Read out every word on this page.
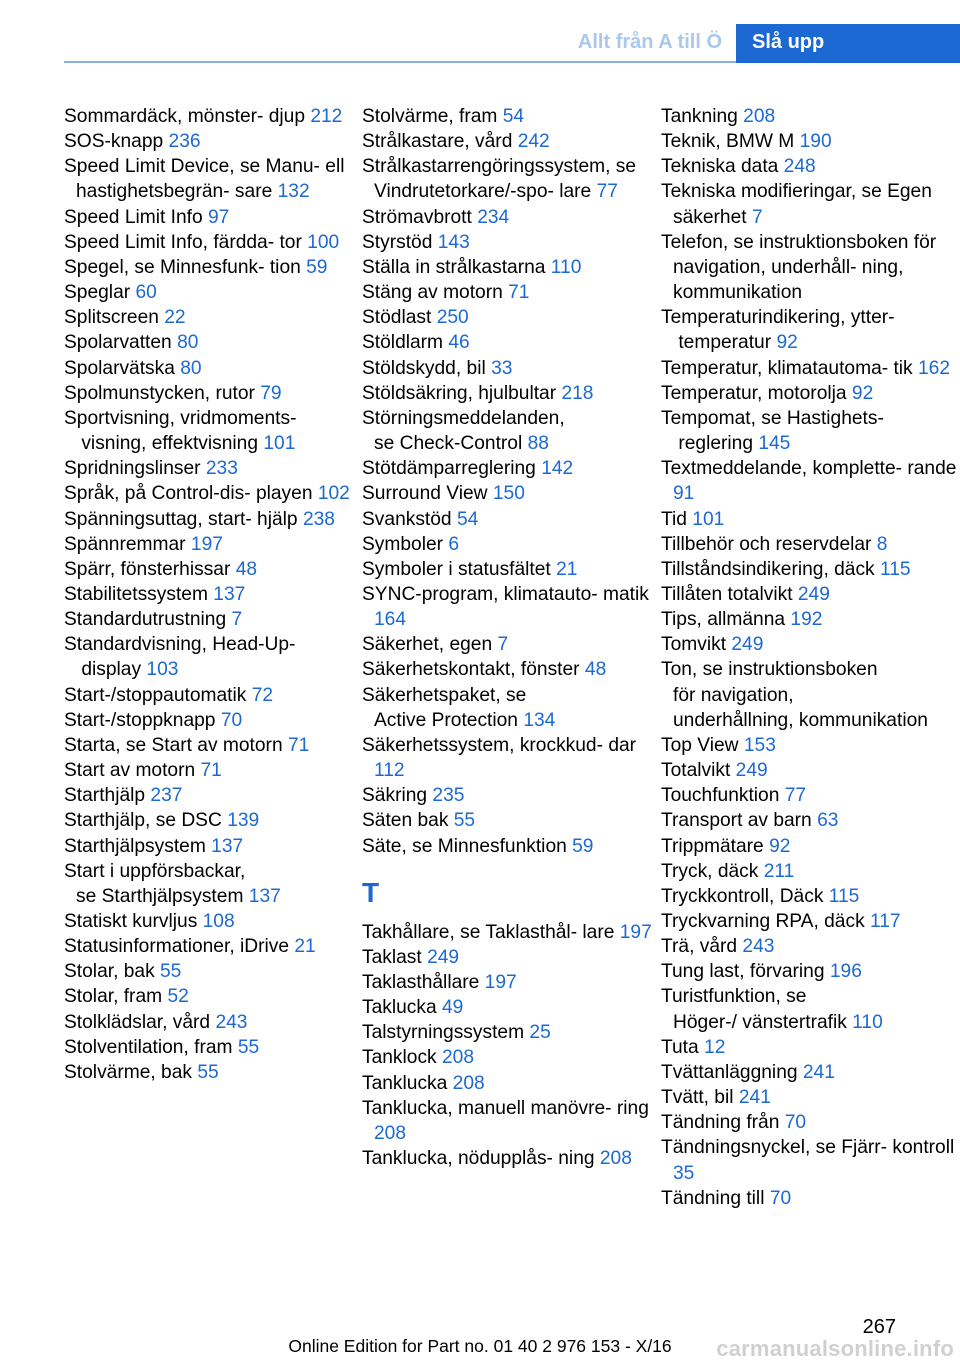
Allt från A till Ö	Slå upp
Sommardäck, mönster- djup 212
SOS-knapp 236
Speed Limit Device, se Manu- ell hastighetsbegrän- sare 132
Speed Limit Info 97
Speed Limit Info, färdda- tor 100
Spegel, se Minnesfunk- tion 59
Speglar 60
Splitscreen 22
Spolarvatten 80
Spolarvätska 80
Spolmunstycken, rutor 79
Sportvisning, vridmoments- visning, effektvisning 101
Spridningslinser 233
Språk, på Control-dis- playen 102
Spänningsuttag, start- hjälp 238
Spännremmar 197
Spärr, fönsterhissar 48
Stabilitetssystem 137
Standardutrustning 7
Standardvisning, Head-Up- display 103
Start-/stoppautomatik 72
Start-/stoppknapp 70
Starta, se Start av motorn 71
Start av motorn 71
Starthjälp 237
Starthjälp, se DSC 139
Starthjälpsystem 137
Start i uppförsbackar, se Starthjälpsystem 137
Statiskt kurvljus 108
Statusinformationer, iDrive 21
Stolar, bak 55
Stolar, fram 52
Stolklädslar, vård 243
Stolventilation, fram 55
Stolvärme, bak 55
Stolvärme, fram 54
Strålkastare, vård 242
Strålkastarrengöringssystem, se Vindrutetorkare/-spo- lare 77
Strömavbrott 234
Styrstöd 143
Ställa in strålkastarna 110
Stäng av motorn 71
Stödlast 250
Stöldlarm 46
Stöldskydd, bil 33
Stöldsäkring, hjulbultar 218
Störningsmeddelanden, se Check-Control 88
Stötdämparreglering 142
Surround View 150
Svankstöd 54
Symboler 6
Symboler i statusfältet 21
SYNC-program, klimatauto- matik 164
Säkerhet, egen 7
Säkerhetskontakt, fönster 48
Säkerhetspaket, se Active Protection 134
Säkerhetssystem, krockkud- dar 112
Säkring 235
Säten bak 55
Säte, se Minnesfunktion 59
T
Takhållare, se Taklasthål- lare 197
Taklast 249
Taklasthållare 197
Taklucka 49
Talstyrningssystem 25
Tanklock 208
Tanklucka 208
Tanklucka, manuell manövre- ring 208
Tanklucka, nödupplås- ning 208
Tankning 208
Teknik, BMW M 190
Tekniska data 248
Tekniska modifieringar, se Egen säkerhet 7
Telefon, se instruktionsboken för navigation, underhåll- ning, kommunikation
Temperaturindikering, ytter- temperatur 92
Temperatur, klimatautoma- tik 162
Temperatur, motorolja 92
Tempomat, se Hastighets- reglering 145
Textmeddelande, komplette- rande 91
Tid 101
Tillbehör och reservdelar 8
Tillståndsindikering, däck 115
Tillåten totalvikt 249
Tips, allmänna 192
Tomvikt 249
Ton, se instruktionsboken för navigation, underhållning, kommunikation
Top View 153
Totalvikt 249
Touchfunktion 77
Transport av barn 63
Trippmätare 92
Tryck, däck 211
Tryckkontroll, Däck 115
Tryckvarning RPA, däck 117
Trä, vård 243
Tung last, förvaring 196
Turistfunktion, se Höger-/ vänstertrafik 110
Tuta 12
Tvättanläggning 241
Tvätt, bil 241
Tändning från 70
Tändningsnyckel, se Fjärr- kontroll 35
Tändning till 70
267
Online Edition for Part no. 01 40 2 976 153 - X/16	carmanualsonline.info
